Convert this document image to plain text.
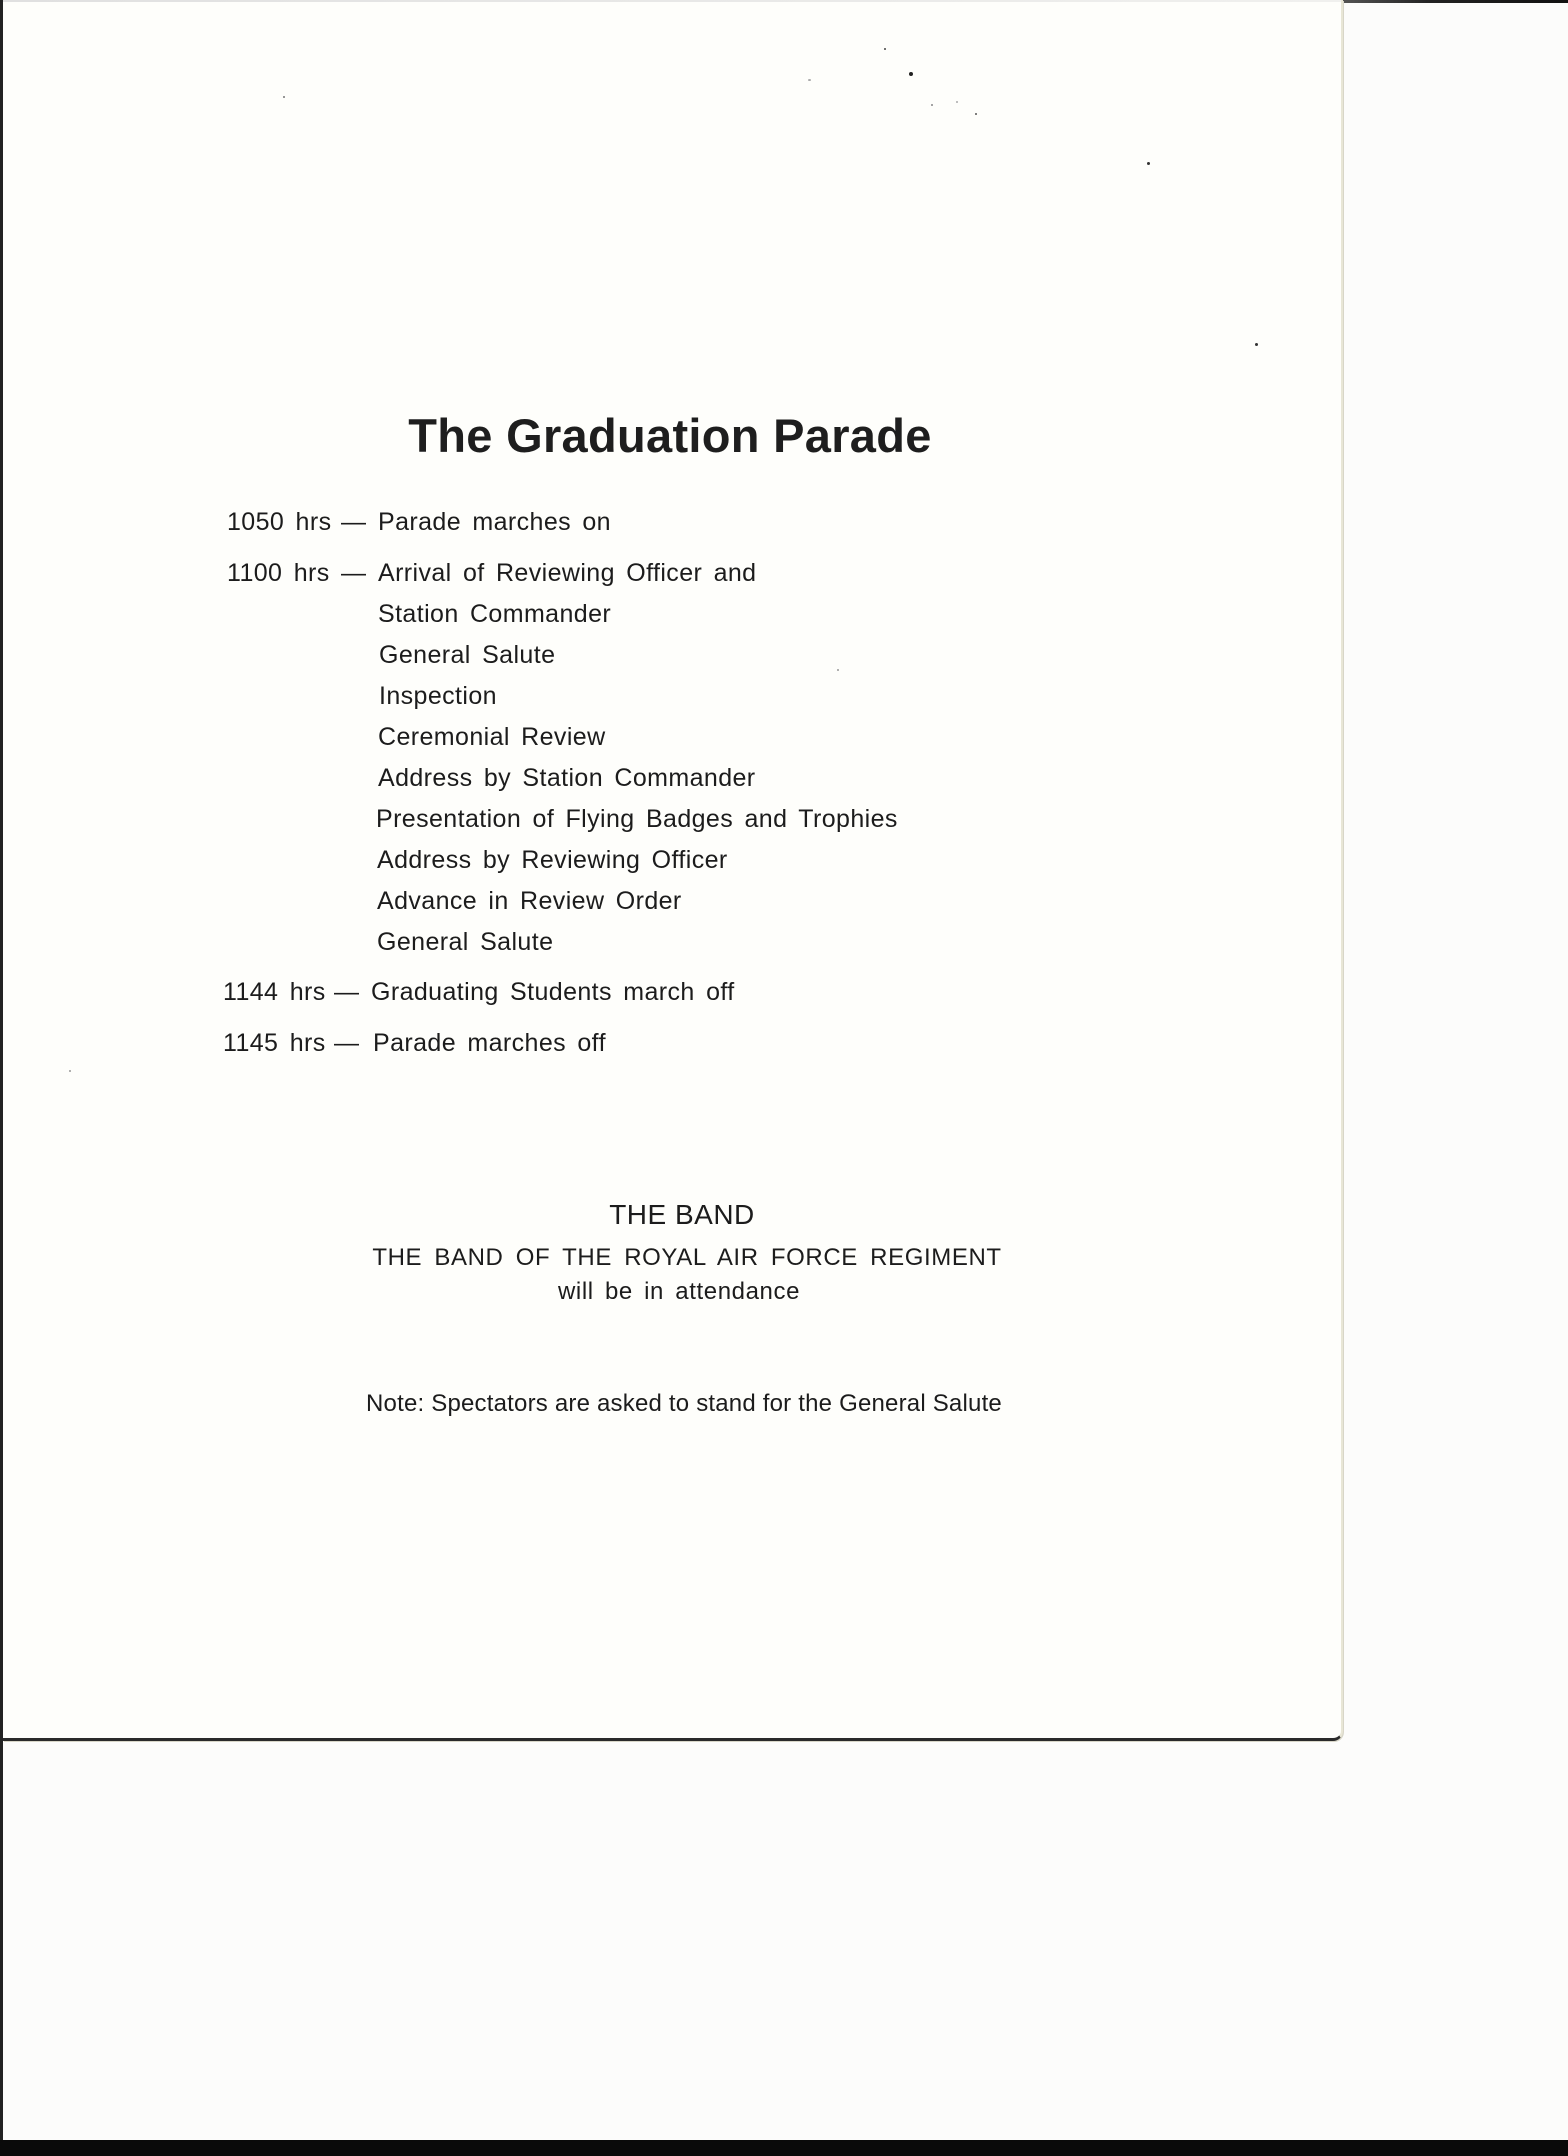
The Graduation Parade
1050 hrs — Parade marches on
1100 hrs — Arrival of Reviewing Officer and
Station Commander
General Salute
Inspection
Ceremonial Review
Address by Station Commander
Presentation of Flying Badges and Trophies
Address by Reviewing Officer
Advance in Review Order
General Salute
1144 hrs — Graduating Students march off
1145 hrs — Parade marches off
THE BAND
THE BAND OF THE ROYAL AIR FORCE REGIMENT
will be in attendance
Note: Spectators are asked to stand for the General Salute
